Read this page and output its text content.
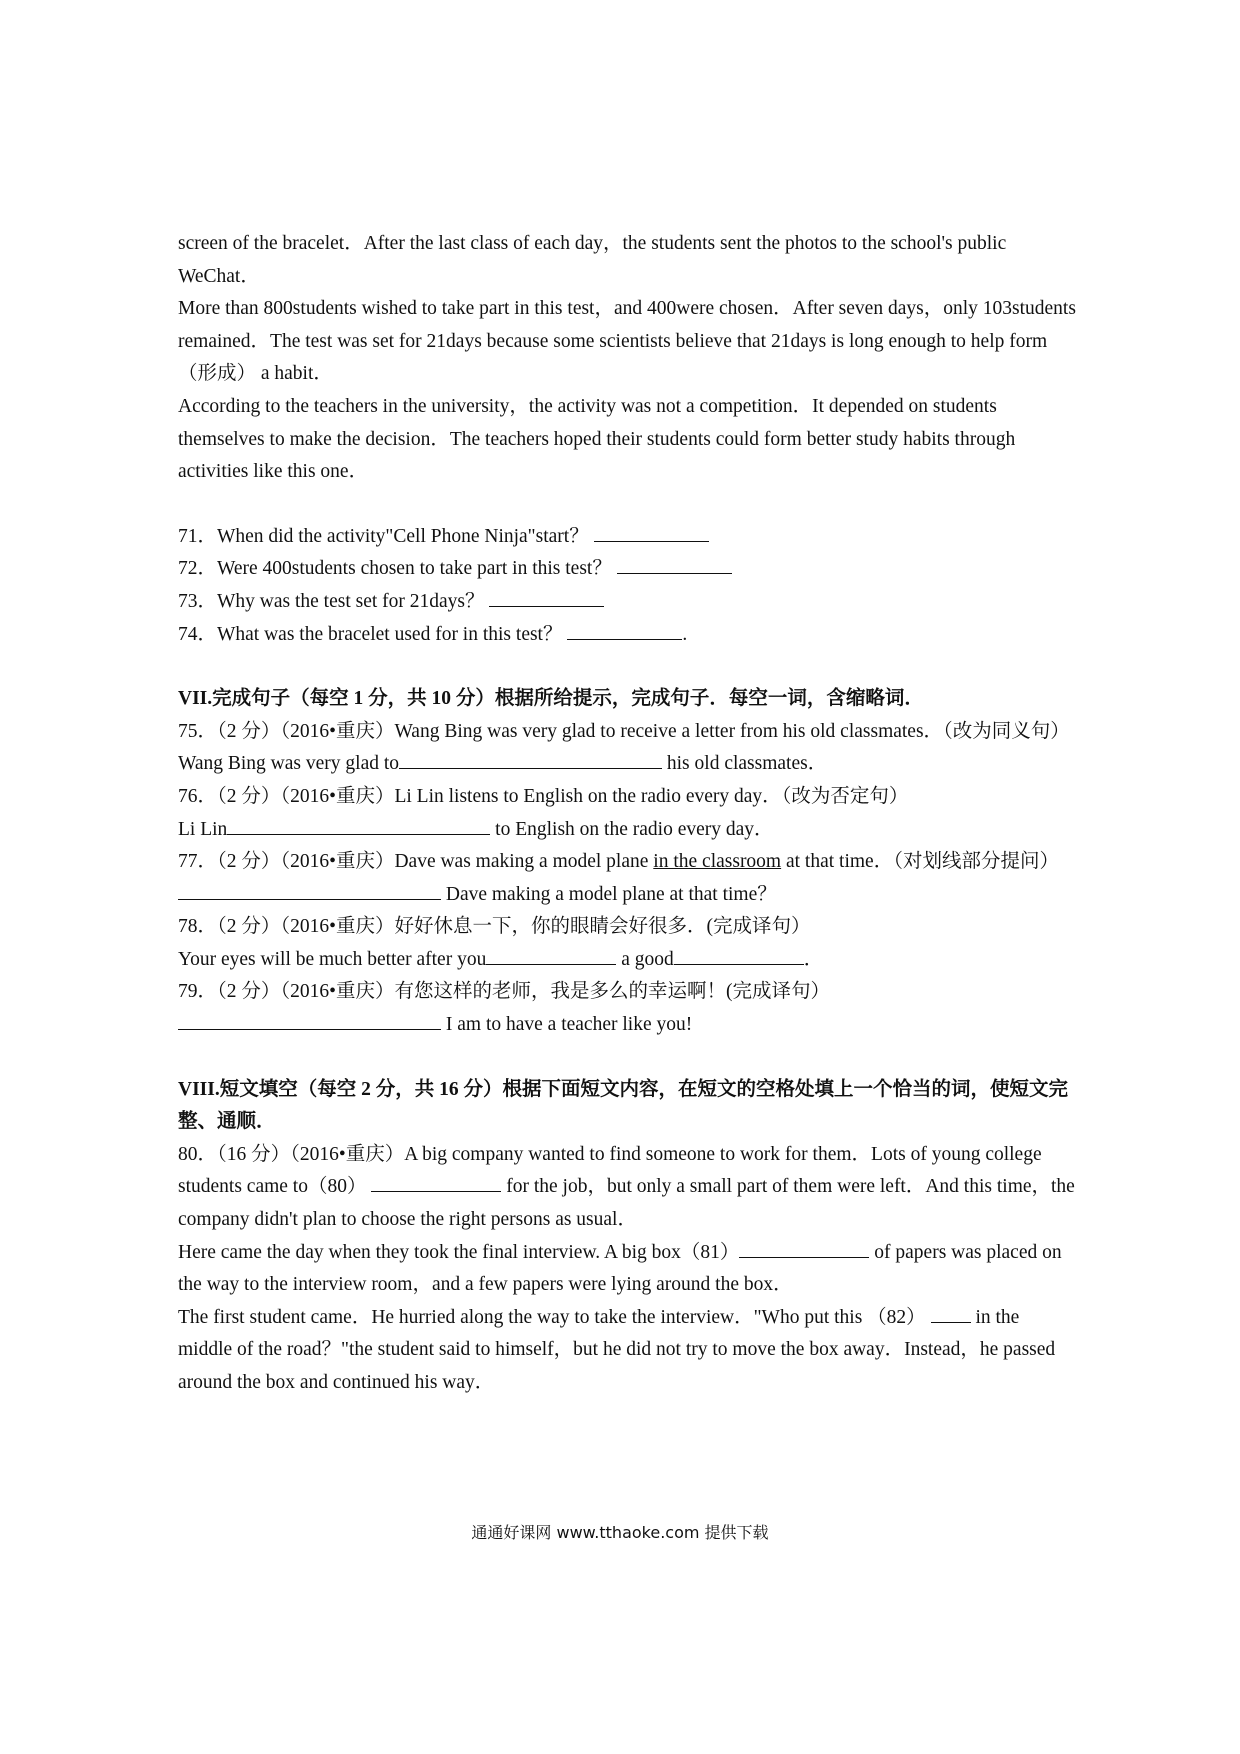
screen of the bracelet．After the last class of each day，the students sent the photos to the school's public WeChat．

More than 800students wished to take part in this test，and 400were chosen．After seven days，only 103students remained．The test was set for 21days because some scientists believe that 21days is long enough to help form （形成） a habit．

According to the teachers in the university，the activity was not a competition．It depended on students themselves to make the decision．The teachers hoped their students could form better study habits through activities like this one．

71．When did the activity"Cell Phone Ninja"start？

72．Were 400students chosen to take part in this test？

73．Why was the test set for 21days？

74．What was the bracelet used for in this test？	.

VII.完成句子（每空 1 分，共 10 分）根据所给提示，完成句子．每空一词，含缩略词．

75．（2 分）（2016•重庆）Wang Bing was very glad to receive a letter from his old classmates．（改为同义句）

Wang Bing was very glad to	his old classmates．

76．（2 分）（2016•重庆）Li Lin listens to English on the radio every day．（改为否定句）

Li Lin	to English on the radio every day．

77．（2 分）（2016•重庆）Dave was making a model plane in the classroom at that time．（对划线部分提问）

Dave making a model plane at that time？

78．（2 分）（2016•重庆）好好休息一下，你的眼睛会好很多．(完成译句）

Your eyes will be much better after you	a good	．

79．（2 分）（2016•重庆）有您这样的老师，我是多么的幸运啊！(完成译句）

I am to have a teacher like you!

VIII.短文填空（每空 2 分，共 16 分）根据下面短文内容，在短文的空格处填上一个恰当的词，使短文完整、通顺．

80．（16 分）（2016•重庆）A big company wanted to find someone to work for them．Lots of young college students came to（80）	for the job，but only a small part of them were left．And this time，the company didn't plan to choose the right persons as usual．

Here came the day when they took the final interview. A big box（81）	of papers was placed on the way to the interview room，and a few papers were lying around the box．

The first student came．He hurried along the way to take the interview．"Who put this （82）  in the middle of the road？"the student said to himself，but he did not try to move the box away．Instead，he passed around the box and continued his way．

通通好课网 www.tthaoke.com 提供下载
